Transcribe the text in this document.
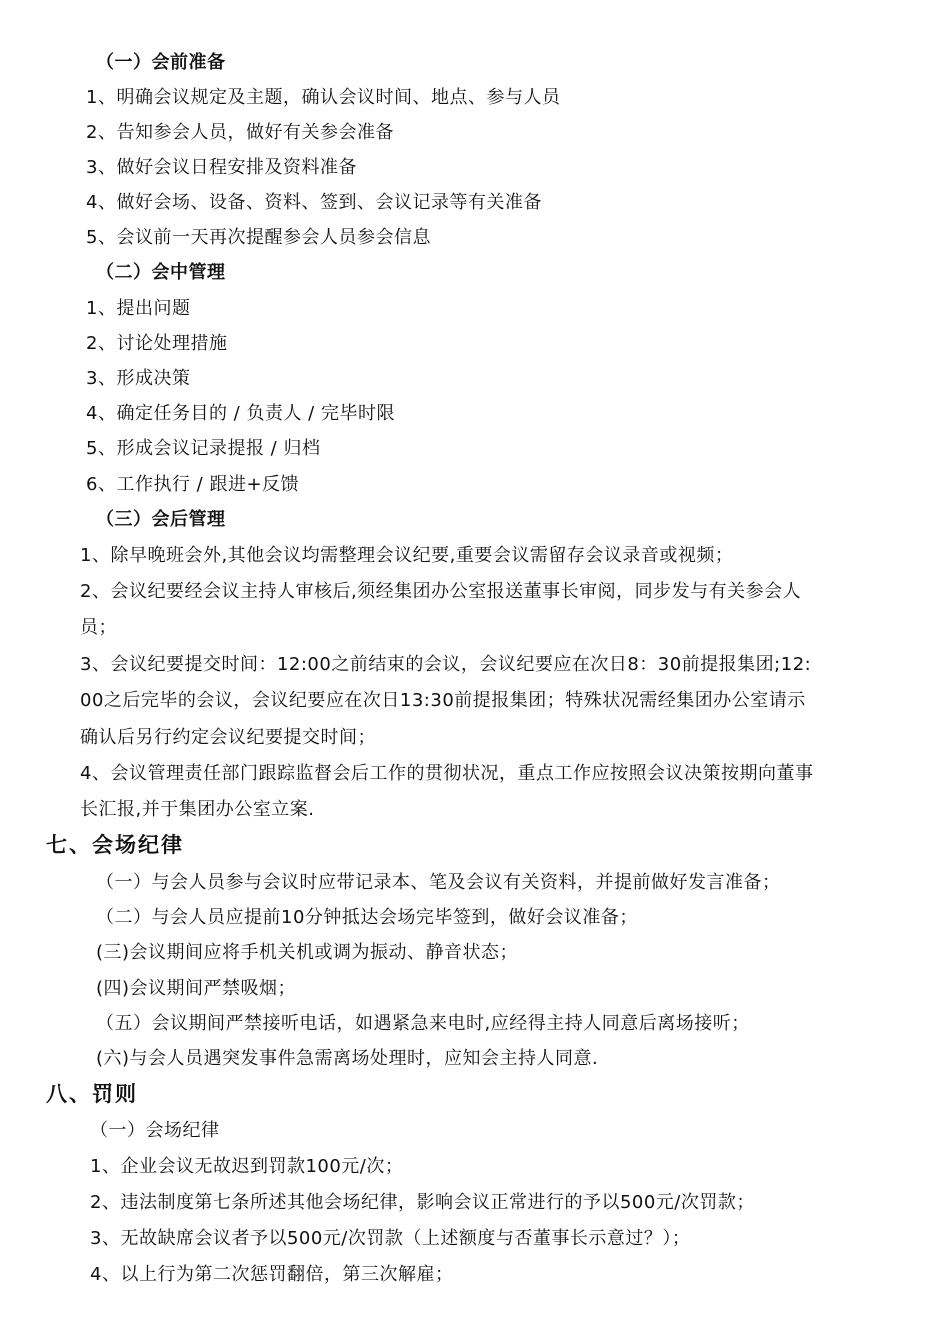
（一）会前准备
1、明确会议规定及主题，确认会议时间、地点、参与人员
2、告知参会人员，做好有关参会准备
3、做好会议日程安排及资料准备
4、做好会场、设备、资料、签到、会议记录等有关准备
5、会议前一天再次提醒参会人员参会信息
（二）会中管理
1、提出问题
2、讨论处理措施
3、形成决策
4、确定任务目的 / 负责人 / 完毕时限
5、形成会议记录提报 / 归档
6、工作执行 / 跟进+反馈
（三）会后管理
1、除早晚班会外,其他会议均需整理会议纪要,重要会议需留存会议录音或视频；
2、会议纪要经会议主持人审核后,须经集团办公室报送董事长审阅，同步发与有关参会人
员；
3、会议纪要提交时间：12:00之前结束的会议，会议纪要应在次日8：30前提报集团;12:
00之后完毕的会议，会议纪要应在次日13:30前提报集团；特殊状况需经集团办公室请示
确认后另行约定会议纪要提交时间；
4、会议管理责任部门跟踪监督会后工作的贯彻状况，重点工作应按照会议决策按期向董事
长汇报,并于集团办公室立案.
七、会场纪律
（一）与会人员参与会议时应带记录本、笔及会议有关资料，并提前做好发言准备；
（二）与会人员应提前10分钟抵达会场完毕签到，做好会议准备；
(三)会议期间应将手机关机或调为振动、静音状态；
(四)会议期间严禁吸烟；
（五）会议期间严禁接听电话，如遇紧急来电时,应经得主持人同意后离场接听；
(六)与会人员遇突发事件急需离场处理时，应知会主持人同意.
八、罚则
（一）会场纪律
1、企业会议无故迟到罚款100元/次；
2、违法制度第七条所述其他会场纪律，影响会议正常进行的予以500元/次罚款；
3、无故缺席会议者予以500元/次罚款（上述额度与否董事长示意过？）；
4、以上行为第二次惩罚翻倍，第三次解雇；
